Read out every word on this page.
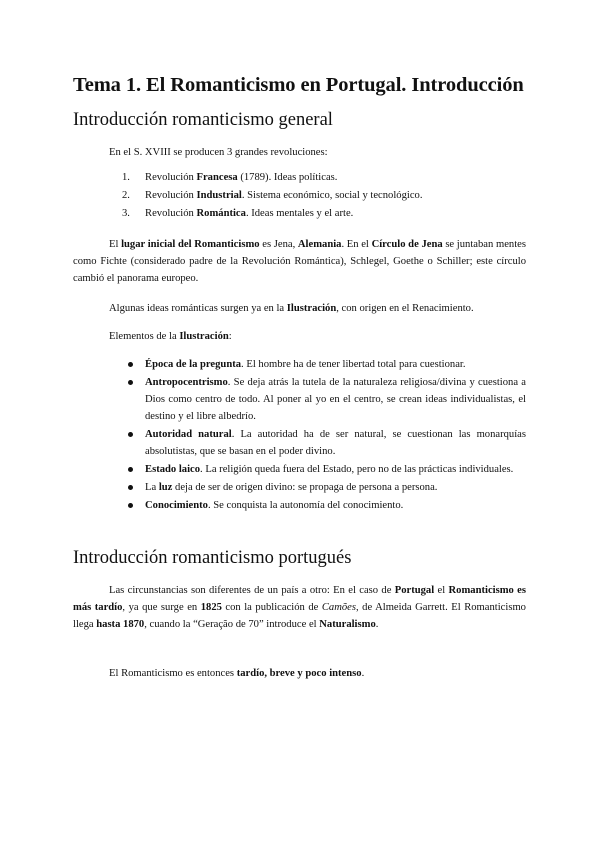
Tema 1. El Romanticismo en Portugal. Introducción
Introducción romanticismo general

En el S. XVIII se producen 3 grandes revoluciones:

1. Revolución Francesa (1789). Ideas políticas.
2. Revolución Industrial. Sistema económico, social y tecnológico.
3. Revolución Romántica. Ideas mentales y el arte.

El lugar inicial del Romanticismo es Jena, Alemania. En el Círculo de Jena se juntaban mentes como Fichte (considerado padre de la Revolución Romántica), Schlegel, Goethe o Schiller; este círculo cambió el panorama europeo.

Algunas ideas románticas surgen ya en la Ilustración, con origen en el Renacimiento.

Elementos de la Ilustración:

Época de la pregunta. El hombre ha de tener libertad total para cuestionar.
Antropocentrismo. Se deja atrás la tutela de la naturaleza religiosa/divina y cuestiona a Dios como centro de todo. Al poner al yo en el centro, se crean ideas individualistas, el destino y el libre albedrío.
Autoridad natural. La autoridad ha de ser natural, se cuestionan las monarquías absolutistas, que se basan en el poder divino.
Estado laico. La religión queda fuera del Estado, pero no de las prácticas individuales.
La luz deja de ser de origen divino: se propaga de persona a persona.
Conocimiento. Se conquista la autonomía del conocimiento.
Introducción romanticismo portugués

Las circunstancias son diferentes de un país a otro: En el caso de Portugal el Romanticismo es más tardío, ya que surge en 1825 con la publicación de Camões, de Almeida Garrett. El Romanticismo llega hasta 1870, cuando la “Geração de 70” introduce el Naturalismo.

El Romanticismo es entonces tardío, breve y poco intenso.
